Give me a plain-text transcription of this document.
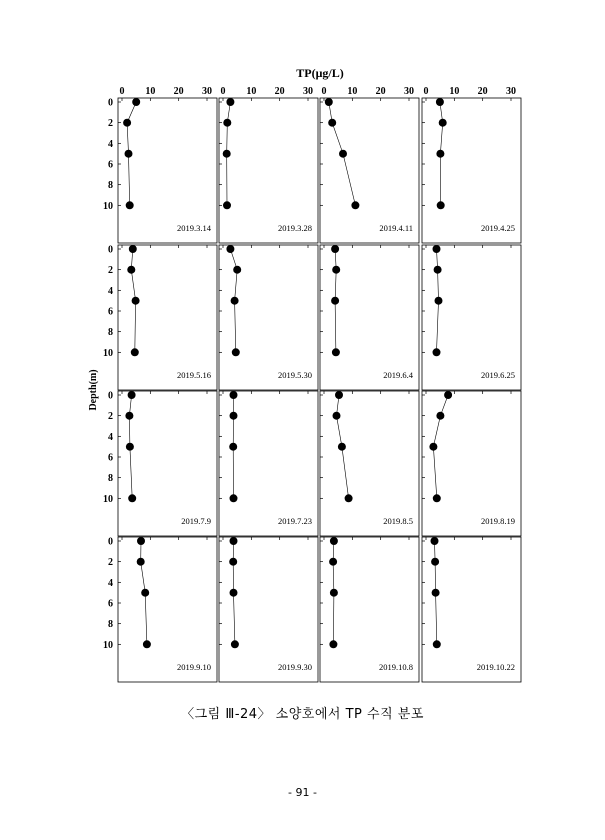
TP(μg/L)
Depth(m)
0 10 20 30
0
2
4
6
8
10
2019.3.14
0 10 20 30
2019.3.28
0 10 20 30
2019.4.11
0 10 20 30
2019.4.25
0
2
4
6
8
10
2019.5.16	2019.5.30	2019.6.4	2019.6.25
0
2
4
6
8
10
2019.7.9	2019.7.23	2019.8.5	2019.8.19
0
2
4
6
8
10
2019.9.10	2019.9.30	2019.10.8	2019.10.22
〈그림 Ⅲ-24〉 소양호에서 TP 수직 분포
- 91 -
